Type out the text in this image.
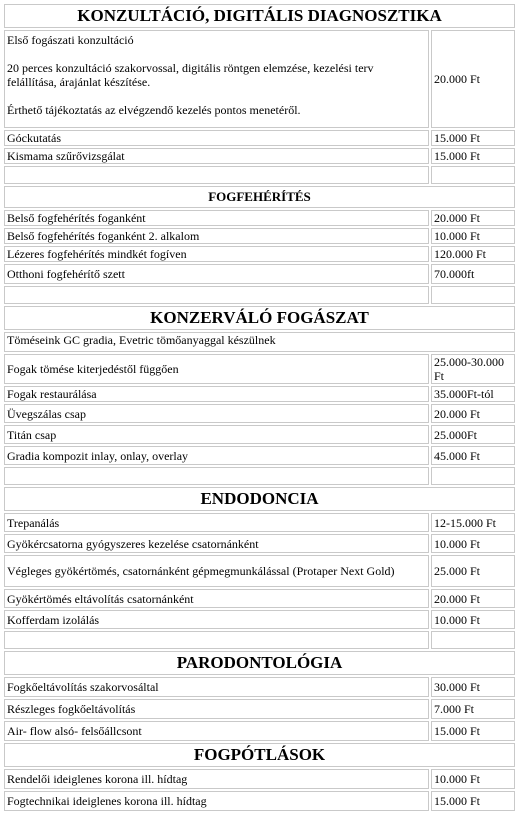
KONZULTÁCIÓ, DIGITÁLIS DIAGNOSZTIKA	

Első fogászati konzultáció
20 perces konzultáció szakorvossal, digitális röntgen elemzése, kezelési terv felállítása, árajánlat készítése.
Érthető tájékoztatás az elvégzendő kezelés pontos menetéről.	20.000 Ft
Góckutatás	15.000 Ft
Kismama szűrővizsgálat	15.000 Ft

FOGFEHÉRÍTÉS	
Belső fogfehérítés foganként	20.000 Ft
Belső fogfehérítés foganként 2. alkalom	10.000 Ft
Lézeres fogfehérítés mindkét fogíven	120.000 Ft
Otthoni fogfehérítő szett	70.000ft

KONZERVÁLÓ FOGÁSZAT	
Töméseink GC gradia, Evetric tömőanyaggal készülnek	
Fogak tömése kiterjedéstől függően	25.000-30.000 Ft
Fogak restaurálása	35.000Ft-tól
Üvegszálas csap	20.000 Ft
Titán csap	25.000Ft
Gradia kompozit inlay, onlay, overlay	45.000 Ft

ENDODONCIA	
Trepanálás	12-15.000 Ft
Gyökércsatorna gyógyszeres kezelése csatornánként	10.000 Ft
Végleges gyökértömés, csatornánként gépmegmunkálással (Protaper Next Gold)	25.000 Ft
Gyökértömés eltávolítás csatornánként	20.000 Ft
Kofferdam izolálás	10.000 Ft

PARODONTOLÓGIA	
Fogkőeltávolítás szakorvosáltal	30.000 Ft
Részleges fogkőeltávolítás	7.000 Ft
Air- flow alsó- felsőállcsont	15.000 Ft
FOGPÓTLÁSOK	
Rendelői ideiglenes korona ill. hídtag	10.000 Ft
Fogtechnikai ideiglenes korona ill. hídtag	15.000 Ft
